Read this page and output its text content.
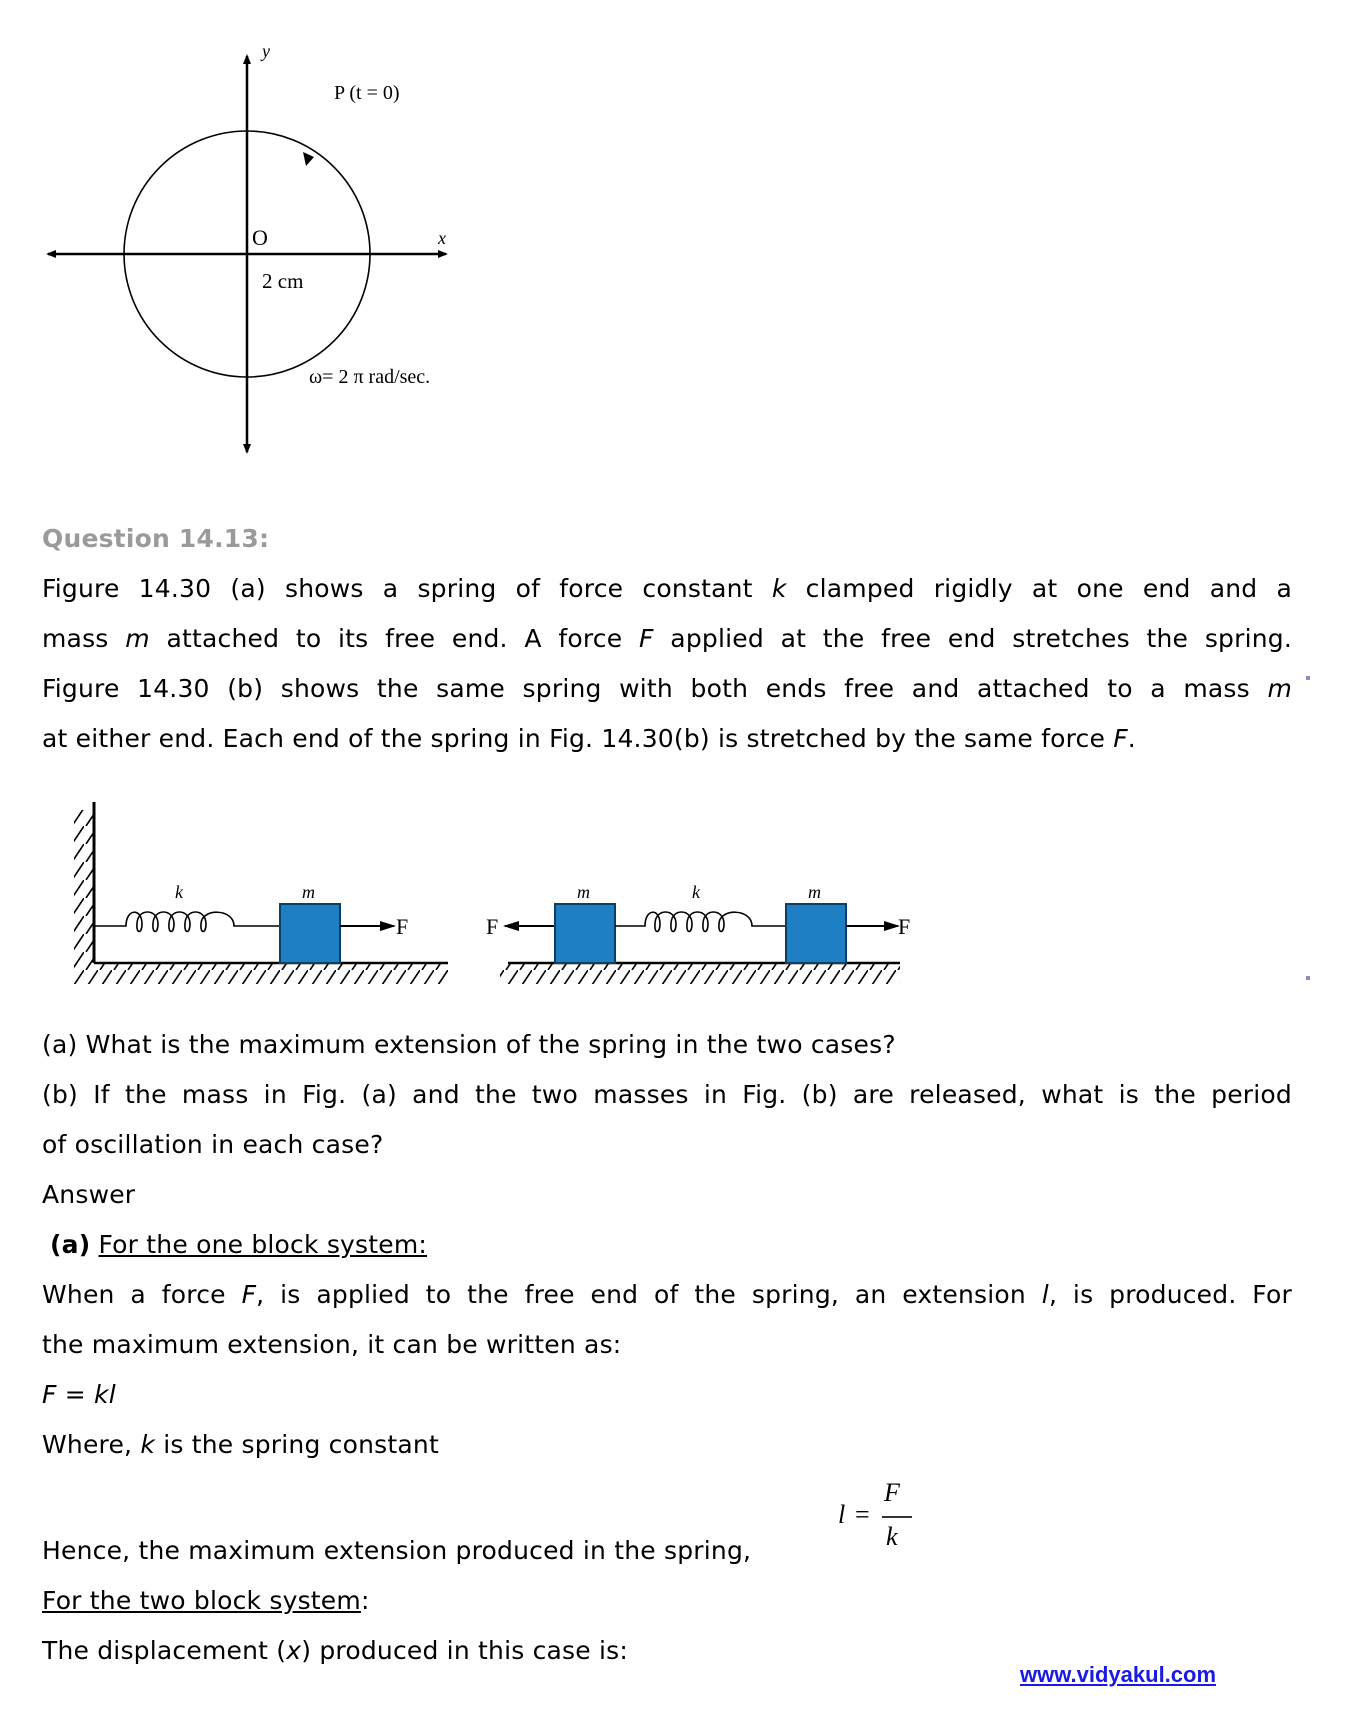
y
x
O
P (t = 0)
2 cm
ω= 2 π rad/sec.
Question 14.13:
Figure 14.30 (a) shows a spring of force constant k clamped rigidly at one end and a
mass m attached to its free end. A force F applied at the free end stretches the spring.
Figure 14.30 (b) shows the same spring with both ends free and attached to a mass m
at either end. Each end of the spring in Fig. 14.30(b) is stretched by the same force F.
k	m
F	F
m	k	m
F
(a) What is the maximum extension of the spring in the two cases?
(b) If the mass in Fig. (a) and the two masses in Fig. (b) are released, what is the period
of oscillation in each case?
Answer
(a) For the one block system:
When a force F, is applied to the free end of the spring, an extension l, is produced. For
the maximum extension, it can be written as:
F = kl
Where, k is the spring constant
Hence, the maximum extension produced in the spring,
l =
F
k
For the two block system:
The displacement (x) produced in this case is:
www.vidyakul.com
